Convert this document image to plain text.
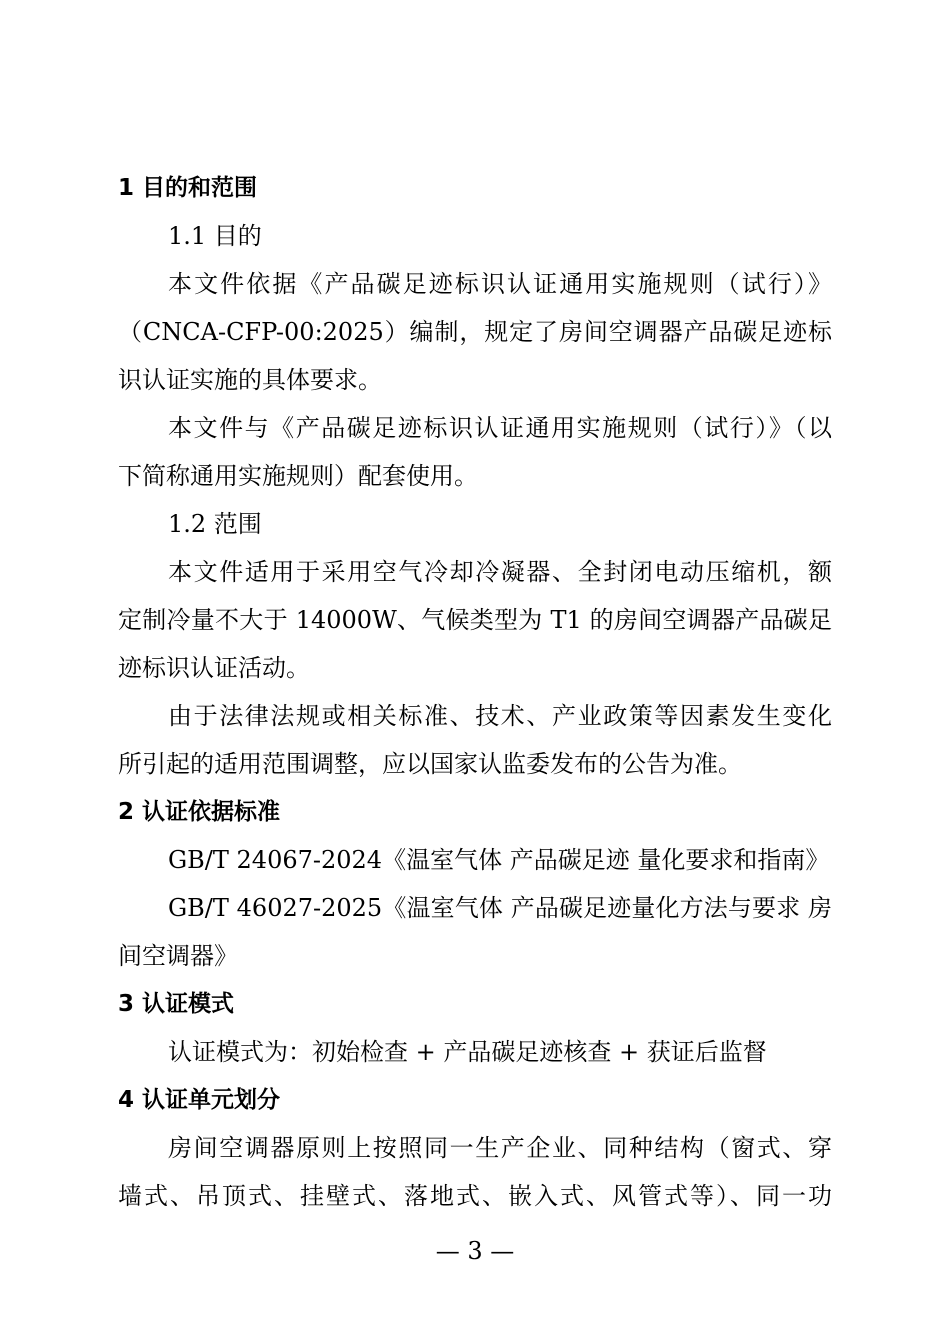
1 目的和范围
1.1 目的
本文件依据《产品碳足迹标识认证通用实施规则（试行）》
（CNCA-CFP-00:2025）编制，规定了房间空调器产品碳足迹标
识认证实施的具体要求。
本文件与《产品碳足迹标识认证通用实施规则（试行）》（以
下简称通用实施规则）配套使用。
1.2 范围
本文件适用于采用空气冷却冷凝器、全封闭电动压缩机，额
定制冷量不大于 14000W、气候类型为 T1 的房间空调器产品碳足
迹标识认证活动。
由于法律法规或相关标准、技术、产业政策等因素发生变化
所引起的适用范围调整，应以国家认监委发布的公告为准。
2 认证依据标准
GB/T 24067-2024《温室气体 产品碳足迹 量化要求和指南》
GB/T 46027-2025《温室气体 产品碳足迹量化方法与要求 房
间空调器》
3 认证模式
认证模式为：初始检查 + 产品碳足迹核查 + 获证后监督
4 认证单元划分
房间空调器原则上按照同一生产企业、同种结构（窗式、穿
墙式、吊顶式、挂壁式、落地式、嵌入式、风管式等）、同一功
— 3 —
